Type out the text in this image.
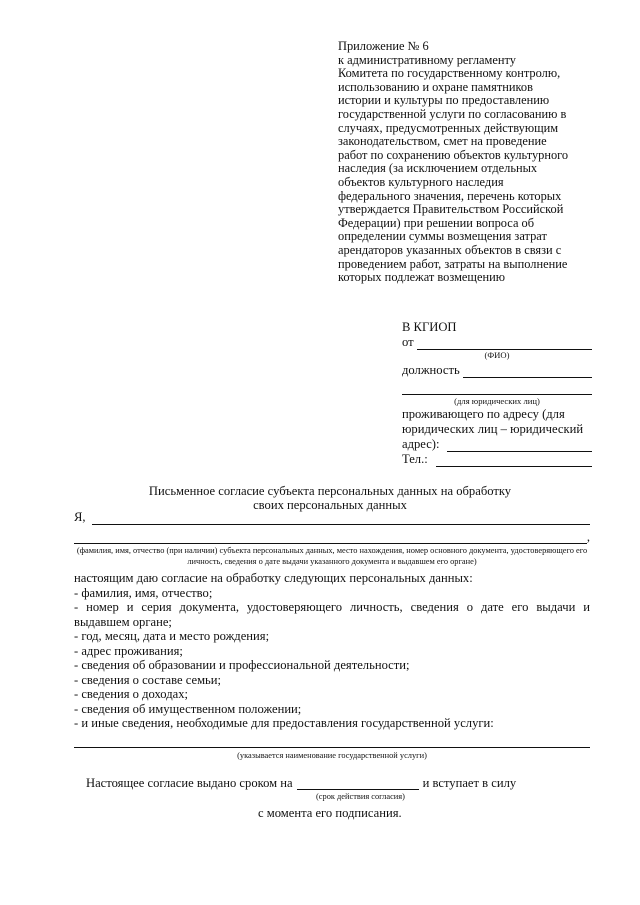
Приложение № 6
к административному регламенту
Комитета по государственному контролю,
использованию и охране памятников
истории и культуры по предоставлению
государственной услуги по согласованию в
случаях, предусмотренных действующим
законодательством, смет на проведение
работ по сохранению объектов культурного
наследия (за исключением отдельных
объектов культурного наследия
федерального значения, перечень которых
утверждается Правительством Российской
Федерации) при решении вопроса об
определении суммы возмещения затрат
арендаторов указанных объектов в связи с
проведением работ, затраты на выполнение
которых подлежат возмещению
В КГИОП
от
(ФИО)
должность
(для юридических лиц)
проживающего по адресу (для
юридических лиц – юридический
адрес):
Тел.:
Письменное согласие субъекта персональных данных на обработку
своих персональных данных
Я,
,
(фамилия, имя, отчество (при наличии) субъекта персональных данных, место нахождения, номер основного документа, удостоверяющего его личность, сведения о дате выдачи указанного документа и выдавшем его органе)
настоящим даю согласие на обработку следующих персональных данных:
- фамилия, имя, отчество;
- номер и серия документа, удостоверяющего личность, сведения о дате его выдачи и
выдавшем органе;
- год, месяц, дата и место рождения;
- адрес проживания;
- сведения об образовании и профессиональной деятельности;
- сведения о составе семьи;
- сведения о доходах;
- сведения об имущественном положении;
- и иные сведения, необходимые для предоставления государственной услуги:
(указывается наименование государственной услуги)
Настоящее согласие выдано сроком на	и вступает в силу
(срок действия согласия)
с момента его подписания.
